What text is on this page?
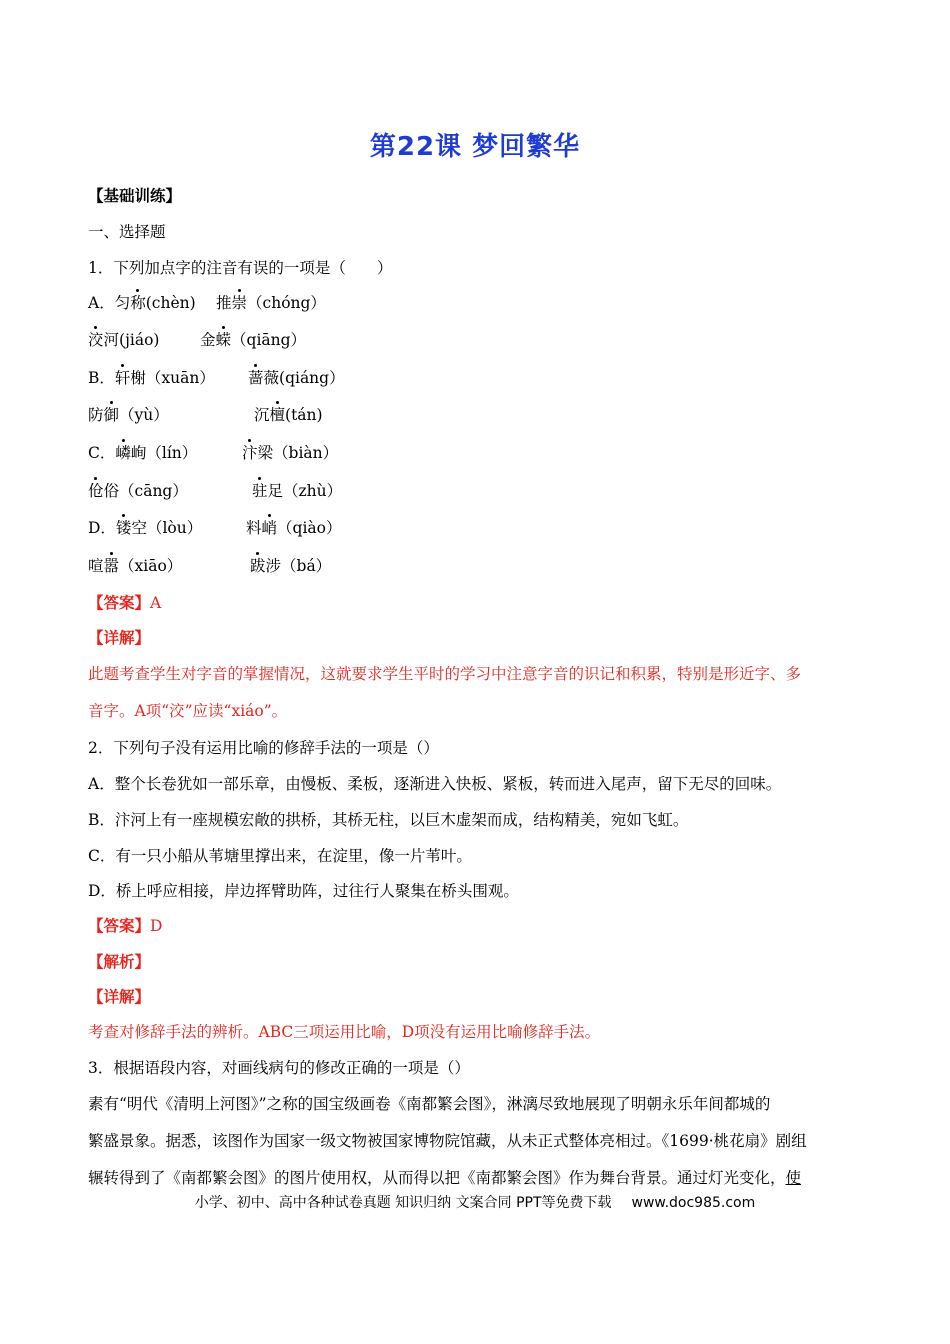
第22课 梦回繁华
【基础训练】
一、选择题
1．下列加点字的注音有误的一项是（　　）
A．匀称(chèn) 推崇（chóng）
洨河(jiáo)	金蝾（qiāng）
B．轩榭（xuān） 蔷薇(qiáng）
防御（yù）	沉檀(tán)
C．嶙峋（lín）	汴梁（biàn）
伧俗（cāng）	驻足（zhù）
D．镂空（lòu）	料峭（qiào）
喧嚣（xiāo）	跋涉（bá）
【答案】A
【详解】
此题考查学生对字音的掌握情况，这就要求学生平时的学习中注意字音的识记和积累，特别是形近字、多
音字。A项“洨”应读“xiáo”。
2．下列句子没有运用比喻的修辞手法的一项是（）
A．整个长卷犹如一部乐章，由慢板、柔板，逐渐进入快板、紧板，转而进入尾声，留下无尽的回味。
B．汴河上有一座规模宏敞的拱桥，其桥无柱，以巨木虚架而成，结构精美，宛如飞虹。
C．有一只小船从苇塘里撑出来，在淀里，像一片苇叶。
D．桥上呼应相接，岸边挥臂助阵，过往行人聚集在桥头围观。
【答案】D
【解析】
【详解】
考查对修辞手法的辨析。ABC三项运用比喻，D项没有运用比喻修辞手法。
3．根据语段内容，对画线病句的修改正确的一项是（）
素有“明代《清明上河图》”之称的国宝级画卷《南都繁会图》，淋漓尽致地展现了明朝永乐年间都城的
繁盛景象。据悉，该图作为国家一级文物被国家博物院馆藏，从未正式整体亮相过。《1699·桃花扇》剧组
辗转得到了《南都繁会图》的图片使用权，从而得以把《南都繁会图》作为舞台背景。通过灯光变化，使
小学、初中、高中各种试卷真题 知识归纳 文案合同 PPT等免费下载 www.doc985.com
